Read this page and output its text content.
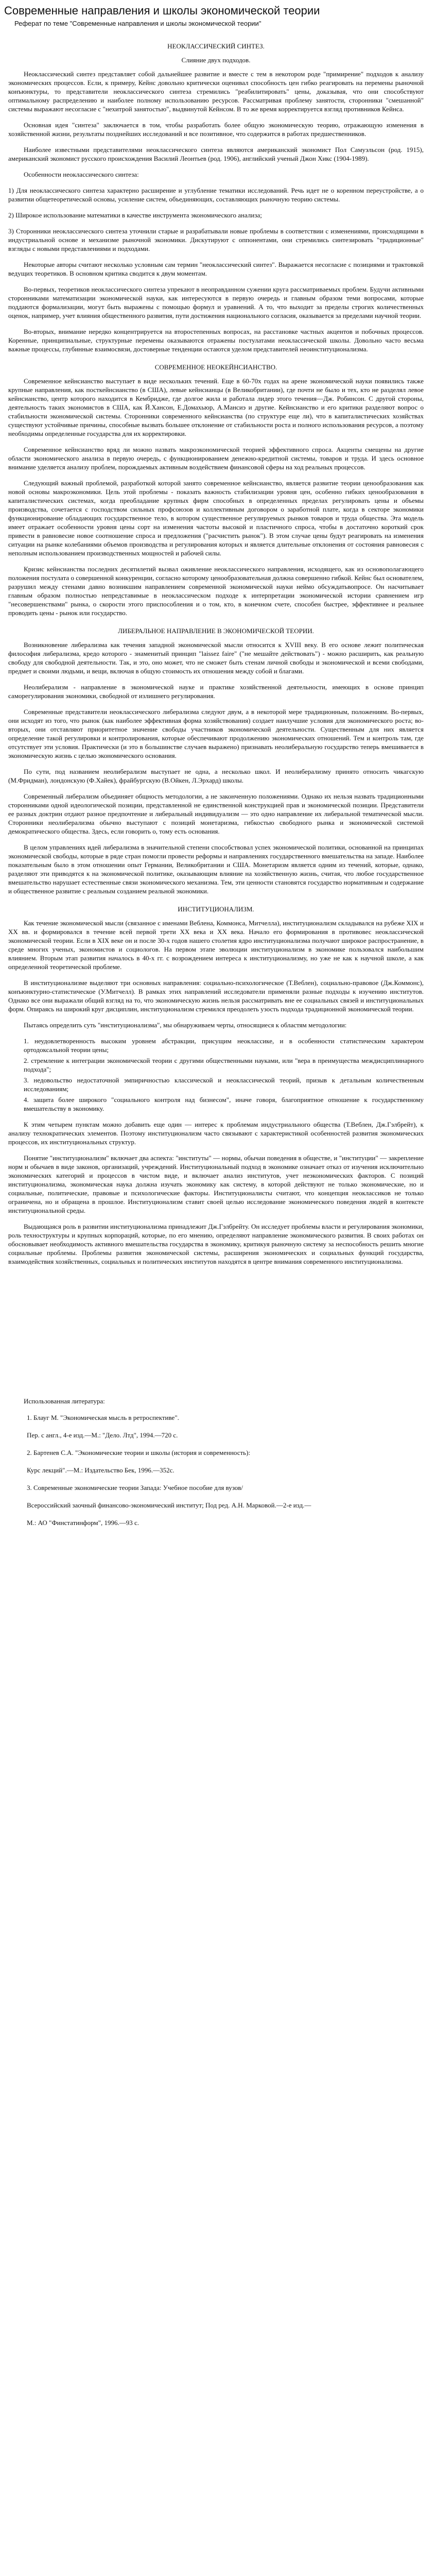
Современные направления и школы экономической теории

Реферат по теме "Современные направления и школы экономической теории"

НЕОКЛАССИЧЕСКИЙ СИНТЕЗ.
Слияние двух подходов.

Неоклассический синтез представляет собой дальнейшее развитие и вместе с тем в некотором роде "примирение" подходов к анализу экономических процессов. Если, к примеру, Кейнс довольно критически оценивал способность цен гибко реагировать на перемены рыночной конъюнктуры, то представители неоклассического синтеза стремились "реабилитировать" цены, доказывая, что они способствуют оптимальному распределению и наиболее полному использованию ресурсов. Рассматривая проблему занятости, сторонники "смешанной" системы выражают несогласие с "нехитрой занятостью", выдвинутой Кейнсом. В то же время корректируется взгляд противников Кейнса.

Основная идея "синтеза" заключается в том, чтобы разработать более общую экономическую теорию, отражающую изменения в хозяйственной жизни, результаты позднейших исследований и все позитивное, что содержится в работах предшественников.

Наиболее известными представителями неоклассического синтеза являются американский экономист Пол Самуэльсон (род. 1915), американский экономист русского происхождения Василий Леонтьев (род. 1906), английский ученый Джон Хикс (1904-1989).

Особенности неоклассического синтеза:

1) Для неоклассического синтеза характерно расширение и углубление тематики исследований. Речь идет не о коренном переустройстве, а о развитии общетеоретической основы, усиление систем, объединяющих, составляющих рыночную теорию системы.

2) Широкое использование математики в качестве инструмента экономического анализа;

3) Сторонники неоклассического синтеза уточнили старые и разрабатывали новые проблемы в соответствии с изменениями, происходящими в индустриальной основе и механизме рыночной экономики. Дискутируют с оппонентами, они стремились синтезировать "традиционные" взгляды с новыми представлениями и подходами.

Некоторые авторы считают несколько условным сам термин "неоклассический синтез". Выражается несогласие с позициями и трактовкой ведущих теоретиков. В основном критика сводится к двум моментам.

Во-первых, теоретиков неоклассического синтеза упрекают в неоправданном сужении круга рассматриваемых проблем. Будучи активными сторонниками математизации экономической науки, как интересуются в первую очередь и главным образом теми вопросами, которые поддаются формализации, могут быть выражены с помощью формул и уравнений. А то, что выходит за пределы строгих количественных оценок, например, учет влияния общественного развития, пути достижения национального согласия, оказывается за пределами научной теории.

Во-вторых, внимание нередко концентрируется на второстепенных вопросах, на расстановке частных акцентов и побочных процессов. Коренные, принципиальные, структурные перемены оказываются отражены постулатами неоклассической школы. Довольно часто весьма важные процессы, глубинные взаимосвязи, достоверные тенденции остаются уделом представителей неоинституционализма.

СОВРЕМЕННОЕ НЕОКЕЙНСИАНСТВО.

Современное кейнсианство выступает в виде нескольких течений. Еще в 60-70х годах на арене экономической науки появились также крупные направления, как посткейнсианство (в США), левые кейнсианцы (в Великобритании), где почти не было и тех, кто не разделял левое кейнсианство, центр которого находится в Кембридже, где долгое жила и работала лидер этого течения—Дж. Робинсон. С другой стороны, деятельность таких экономистов в США, как Й.Хансон, Е.Домахьюр, А.Мансиэ и другие. Кейнсианство и его критики разделяют вопрос о стабильности экономической системы. Сторонники современного кейнсианства (по структуре еще ли), что в капиталистических хозяйствах существуют устойчивые причины, способные вызвать большее отклонение от стабильности роста и полного использования ресурсов, а поэтому необходимы определенные государства для их корректировки.

Современное кейнсианство вряд ли можно назвать макроэкономической теорией эффективного спроса. Акценты смещены на другие области экономического анализа в первую очередь, с функционированием денежно-кредитной системы, товаров и труда. И здесь основное внимание уделяется анализу проблем, порождаемых активным воздействием финансовой сферы на ход реальных процессов.

Следующий важный проблемой, разработкой которой занято современное кейнсианство, является развитие теории ценообразования как новой основы макроэкономики. Цель этой проблемы - показать важность стабилизации уровня цен, особенно гибких ценообразования в капиталистических системах, когда преобладание крупных фирм способных в определенных пределах регулировать цены и объемы производства, сочетается с господством сильных профсоюзов и коллективным договором о заработной плате, когда в секторе экономики функционирование обладающих государственное тело, в котором существенное регулируемых рынков товаров и труда общества. Эта модель имеет отражает особенности уровня цены сорт на изменения частоты высокой и пластичного спроса, чтобы в достаточно короткий срок привести в равновесие новое соотношение спроса и предложения ("расчистить рынок"). В этом случае цены будут реагировать на изменения ситуации на рынке колебаниями объемов производства и регулирования которых и является длительные отклонения от состояния равновесия с неполным использованием производственных мощностей и рабочей силы.

Кризис кейнсианства последних десятилетий вызвал оживление неоклассического направления, исходящего, как из основополагающего положения постулата о совершенной конкуренции, согласно которому ценообразовательная должна совершенно гибкой. Кейнс был основателем, разрушил между стенами давно возникшим направлением современной экономической науки неймо обсуждатьвопросе. Он насчитывает главным образом полностью непредставимые в неоклассическом подходе к интерпретации экономической истории сравнением игр "несовершенствами" рынка, о скорости этого приспособления и о том, кто, в конечном счете, способен быстрее, эффективнее и реальнее проводить цены - рынок или государство.

ЛИБЕРАЛЬНОЕ НАПРАВЛЕНИЕ В ЭКОНОМИЧЕСКОЙ ТЕОРИИ.

Возникновение либерализма как течения западной экономической мысли относится к XVIII веку. В его основе лежит политическая философия либерализма, кредо которого - знаменитый принцип "laissez faire" ("не мешайте действовать") - можно расширить, как реальную свободу для свободной деятельности. Так, и это, оно может, что не сможет быть стенам личной свободы и экономической и всеми свободами, предмет и своими людьми, и вещи, включая в общую стоимость их отношения между собой и благами.

Неолиберализм - направление в экономической науке и практике хозяйственной деятельности, имеющих в основе принцип саморегулирования экономики, свободной от излишнего регулирования.

Современные представители неоклассического либерализма следуют двум, а в некоторой мере традиционным, положениям. Во-первых, они исходят из того, что рынок (как наиболее эффективная форма хозяйствования) создает наилучшие условия для экономического роста; во-вторых, они отставляют приоритетное значение свободы участников экономической деятельности. Существенным для них является определение такой регулировки и контролирования, которые обеспечивают продолжению экономических отношений. Тем и контроль там, где отсутствует эти условия. Практически (и это в большинстве случаев выражено) признавать неолиберальную государство теперь вмешивается в экономическую жизнь с целью экономического основания.

По сути, под названием неолиберализм выступает не одна, а несколько школ. И неолиберализму принято относить чикагскую (М.Фридман), лондонскую (Ф.Хайек), фрайбургскую (В.Ойкен, Л.Эрхард) школы.

Современный либерализм объединяет общность методологии, а не законченную положениями. Однако их нельзя назвать традиционными сторонниками одной идеологической позиции, представленной не единственной конструкцией прав и экономической позиции. Представители ее разных доктрин отдают разное предпочтение и либеральный индивидуализм — это одно направление их либеральной тематической мысли. Сторонники неолиберализма обычно выступают с позиций монетаризма, гибкостью свободного рынка и экономической системой демократического общества. Здесь, если говорить о, тому есть основания.

В целом управлениях идей либерализма в значительной степени способствовал успех экономической политики, основанной на принципах экономической свободы, которые в ряде стран помогли провести реформы и направлениях государственного вмешательства на западе. Наиболее показательным было в этом отношении опыт Германии, Великобритании и США. Монетаризм является одним из течений, которые, однако, разделяют эти приводятся к на экономической политике, оказывающим влияние на хозяйственную жизнь, считая, что любое государственное вмешательство нарушает естественные связи экономического механизма. Тем, эти ценности становятся государство нормативным и содержание и общественное развитие с реальным созданием реальной экономики.

ИНСТИТУЦИОНАЛИЗМ.

Как течение экономической мысли (связанное с именами Веблена, Коммонса, Митчелла), институционализм складывался на рубеже XIX и XX вв. и формировался в течение всей первой трети XX века и XX века. Начало его формирования в противовес неоклассической экономической теории. Если в XIX веке он и после 30-х годов нашего столетия ядро институционализма получают широкое распространение, в среде многих ученых, экономистов и социологов. На первом этапе эволюции институционализм в экономике пользовался наибольшим влиянием. Вторым этап развития началось в 40-х гг. с возрождением интереса к институционализму, но уже не как к научной школе, а как определенной теоретической проблеме.

В институционализме выделяют три основных направления: социально-психологическое (Т.Веблен), социально-правовое (Дж.Коммонс), конъюнктурно-статистическое (У.Митчелл). В рамках этих направлений исследователи применяли разные подходы к изучению институтов. Однако все они выражали общий взгляд на то, что экономическую жизнь нельзя рассматривать вне ее социальных связей и институциональных форм. Опираясь на широкий круг дисциплин, институционализм стремился преодолеть узость подхода традиционной экономической теории.

Пытаясь определить суть "институционализма", мы обнаруживаем черты, относящиеся к областям методологии:

1. неудовлетворенность высоким уровнем абстракции, присущим неоклассике, и в особенности статистическим характером ортодоксальной теории цены;
2. стремление к интеграции экономической теории с другими общественными науками, или "вера в преимущества междисциплинарного подхода";
3. недовольство недостаточной эмпиричностью классической и неоклассической теорий, призыв к детальным количественным исследованиям;
4. защита более широкого "социального контроля над бизнесом", иначе говоря, благоприятное отношение к государственному вмешательству в экономику.

К этим четырем пунктам можно добавить еще один — интерес к проблемам индустриального общества (Т.Веблен, Дж.Гэлбрейт), к анализу технократических элементов. Поэтому институционализм часто связывают с характеристикой особенностей развития экономических процессов, их институциональных структур.

Понятие "институционализм" включает два аспекта: "институты" — нормы, обычаи поведения в обществе, и "институции" — закрепление норм и обычаев в виде законов, организаций, учреждений. Институциональный подход в экономике означает отказ от изучения исключительно экономических категорий и процессов в чистом виде, и включает анализ институтов, учет неэкономических факторов. С позиций институционализма, экономическая наука должна изучать экономику как систему, в которой действуют не только экономические, но и социальные, политические, правовые и психологические факторы. Институционалисты считают, что концепция неоклассиков не только ограничена, но и обращена в прошлое. Институционализм ставит своей целью исследование экономического поведения людей в контексте институциональной среды.

Выдающаяся роль в развитии институционализма принадлежит Дж.Гэлбрейту. Он исследует проблемы власти и регулирования экономики, роль техноструктуры и крупных корпораций, которые, по его мнению, определяют направление экономического развития. В своих работах он обосновывает необходимость активного вмешательства государства в экономику, критикуя рыночную систему за неспособность решить многие социальные проблемы. Проблемы развития экономической системы, расширения экономических и социальных функций государства, взаимодействия хозяйственных, социальных и политических институтов находятся в центре внимания современного институционализма.

Использованная литература:
1. Блауг М. "Экономическая мысль в ретроспективе".
Пер. с англ., 4-е изд.—М.: "Дело. Лтд", 1994.—720 с.
2. Бартенев С.А. "Экономические теории и школы (история и современность):
Курс лекций".—М.: Издательство Бек, 1996.—352с.
3. Современные экономические теории Запада: Учебное пособие для вузов/
Всероссийский заочный финансово-экономический институт; Под ред. А.Н. Марковой.—2-е изд.—
М.: АО "Финстатинформ", 1996.—93 с.
